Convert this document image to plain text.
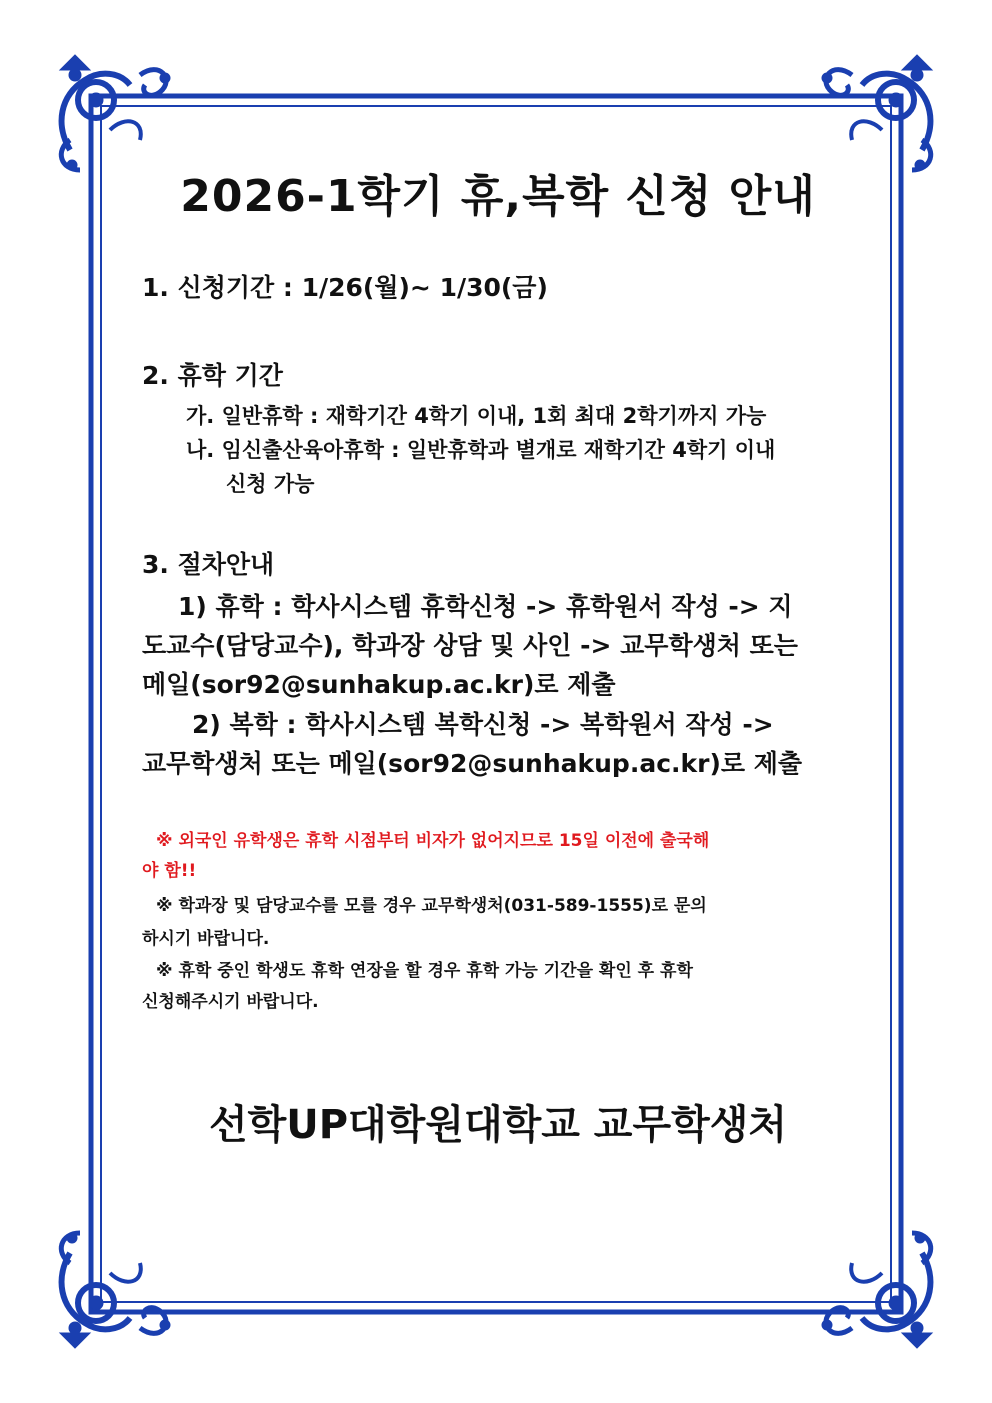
2026-1학기 휴,복학 신청 안내
1. 신청기간 : 1/26(월)~ 1/30(금)
2. 휴학 기간
가. 일반휴학 : 재학기간 4학기 이내, 1회 최대 2학기까지 가능
나. 임신출산육아휴학 : 일반휴학과 별개로 재학기간 4학기 이내
신청 가능
3. 절차안내
1) 휴학 : 학사시스템 휴학신청 -> 휴학원서 작성 -> 지
도교수(담당교수), 학과장 상담 및 사인 -> 교무학생처 또는
메일(sor92@sunhakup.ac.kr)로 제출
2) 복학 : 학사시스템 복학신청 -> 복학원서 작성 ->
교무학생처 또는 메일(sor92@sunhakup.ac.kr)로 제출
※ 외국인 유학생은 휴학 시점부터 비자가 없어지므로 15일 이전에 출국해
야 함!!
※ 학과장 및 담당교수를 모를 경우 교무학생처(031-589-1555)로 문의
하시기 바랍니다.
※ 휴학 중인 학생도 휴학 연장을 할 경우 휴학 가능 기간을 확인 후 휴학
신청해주시기 바랍니다.
선학UP대학원대학교 교무학생처
